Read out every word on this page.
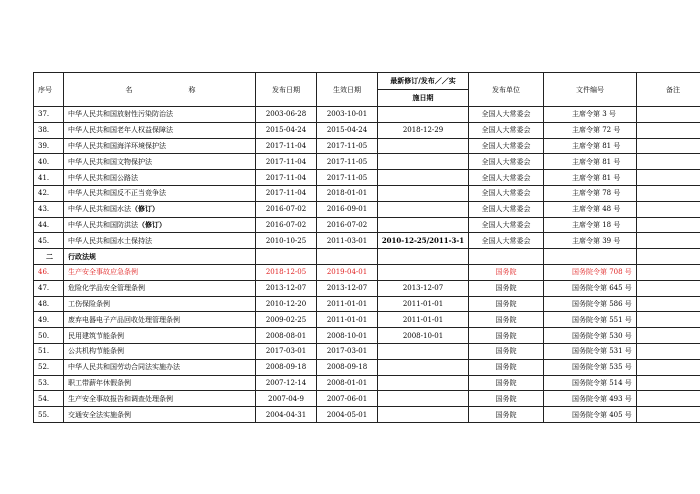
序号	名 称	发布日期	生效日期	最新修订/发布／／实	发布单位	文件编号	备注
				施日期			
37.	中华人民共和国放射性污染防治法	2003-06-28	2003-10-01		全国人大常委会	主席令第 3 号	
38.	中华人民共和国老年人权益保障法	2015-04-24	2015-04-24	2018-12-29	全国人大常委会	主席令第 72 号	
39.	中华人民共和国海洋环境保护法	2017-11-04	2017-11-05		全国人大常委会	主席令第 81 号	
40.	中华人民共和国文物保护法	2017-11-04	2017-11-05		全国人大常委会	主席令第 81 号	
41.	中华人民共和国公路法	2017-11-04	2017-11-05		全国人大常委会	主席令第 81 号	
42.	中华人民共和国反不正当竞争法	2017-11-04	2018-01-01		全国人大常委会	主席令第 78 号	
43.	中华人民共和国水法（修订）	2016-07-02	2016-09-01		全国人大常委会	主席令第 48 号	
44.	中华人民共和国防洪法（修订）	2016-07-02	2016-07-02		全国人大常委会	主席令第 18 号	
45.	中华人民共和国水土保持法	2010-10-25	2011-03-01	2010-12-25/2011-3-1	全国人大常委会	主席令第 39 号	
二	行政法规						
46.	生产安全事故应急条例	2018-12-05	2019-04-01		国务院	国务院令第 708 号	
47.	危险化学品安全管理条例	2013-12-07	2013-12-07	2013-12-07	国务院	国务院令第 645 号	
48.	工伤保险条例	2010-12-20	2011-01-01	2011-01-01	国务院	国务院令第 586 号	
49.	废弃电器电子产品回收处理管理条例	2009-02-25	2011-01-01	2011-01-01	国务院	国务院令第 551 号	
50.	民用建筑节能条例	2008-08-01	2008-10-01	2008-10-01	国务院	国务院令第 530 号	
51.	公共机构节能条例	2017-03-01	2017-03-01		国务院	国务院令第 531 号	
52.	中华人民共和国劳动合同法实施办法	2008-09-18	2008-09-18		国务院	国务院令第 535 号	
53.	职工带薪年休假条例	2007-12-14	2008-01-01		国务院	国务院令第 514 号	
54.	生产安全事故报告和调查处理条例	2007-04-9	2007-06-01		国务院	国务院令第 493 号	
55.	交通安全法实施条例	2004-04-31	2004-05-01		国务院	国务院令第 405 号	
